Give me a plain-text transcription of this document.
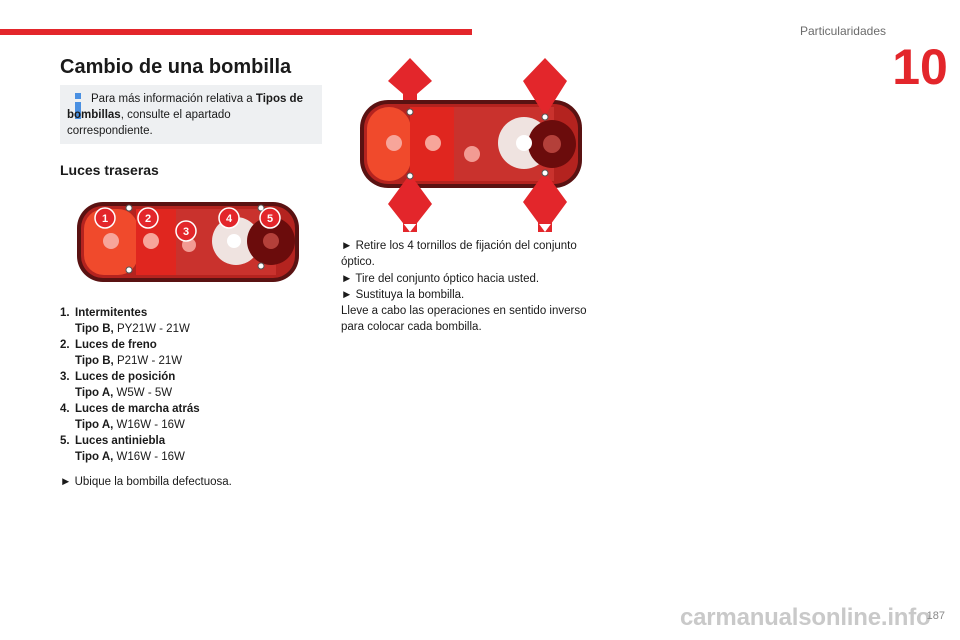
Particularidades
10
Cambio de una bombilla
Para más información relativa a Tipos de bombillas, consulte el apartado correspondiente.
Luces traseras
1	2
3
4	5
1. Intermitentes
Tipo B, PY21W - 21W
2. Luces de freno
Tipo B, P21W - 21W
3. Luces de posición
Tipo A, W5W - 5W
4. Luces de marcha atrás
Tipo A, W16W - 16W
5. Luces antiniebla
Tipo A, W16W - 16W
► Ubique la bombilla defectuosa.
► Retire los 4 tornillos de fijación del conjunto óptico.
► Tire del conjunto óptico hacia usted.
► Sustituya la bombilla.
Lleve a cabo las operaciones en sentido inverso para colocar cada bombilla.
carmanualsonline.info
187
